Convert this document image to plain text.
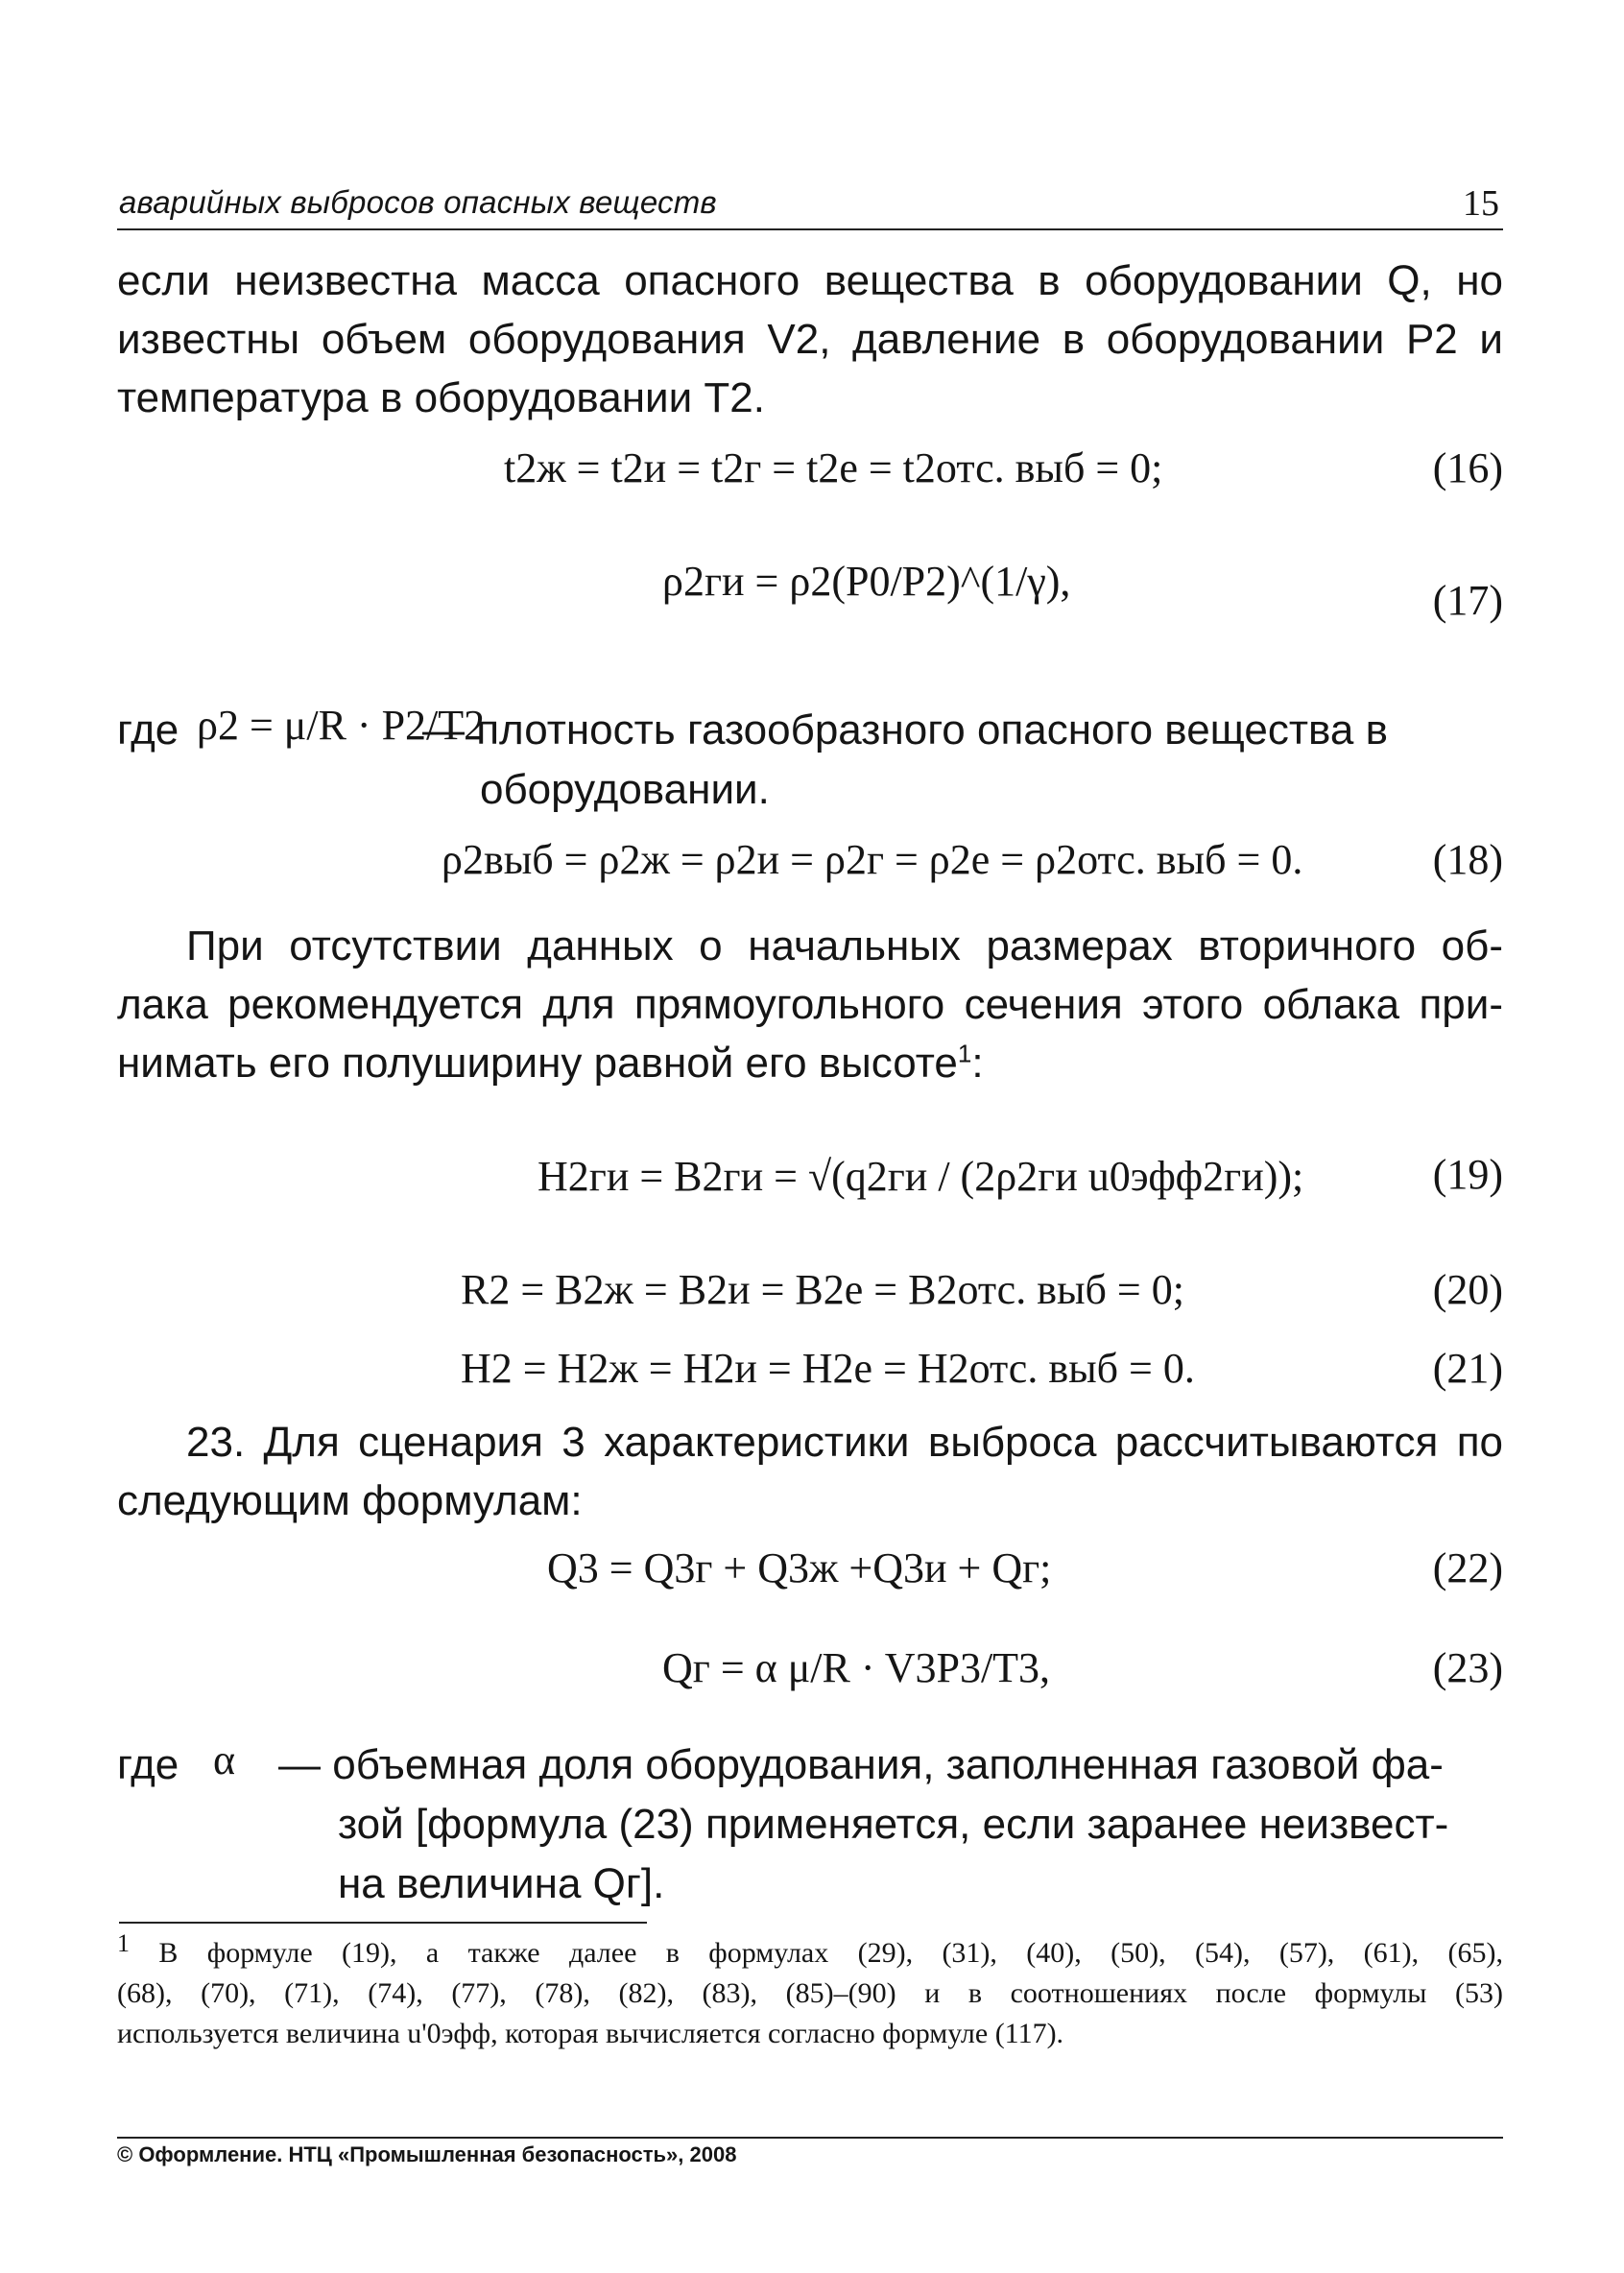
аварийных выбросов опасных веществ	15
если неизвестна масса опасного вещества в оборудовании Q, но
известны объем оборудования V2, давление в оборудовании P2 и
температура в оборудовании T2.
t2ж = t2и = t2г = t2е = t2отс. выб = 0;	(16)
ρ2ги = ρ2(P0/P2)^(1/γ),	(17)
где ρ2 = μ/R · P2/T2
— плотность газообразного опасного вещества в
оборудовании.
ρ2выб = ρ2ж = ρ2и = ρ2г = ρ2е = ρ2отс. выб = 0.	(18)
При отсутствии данных о начальных размерах вторичного об-
лака рекомендуется для прямоугольного сечения этого облака при-
нимать его полуширину равной его высоте$^1$:
H2ги = B2ги = √(q2ги / (2ρ2ги u0эфф2ги));	(19)
R2 = B2ж = B2и = B2е = B2отс. выб = 0;	(20)
H2 = H2ж = H2и = H2е = H2отс. выб = 0.	(21)
23. Для сценария 3 характеристики выброса рассчитываются по
следующим формулам:
Q3 = Q3г + Q3ж +Q3и + Qг;	(22)
Qг = α μ/R · V3P3/T3,	(23)
где α — объемная доля оборудования, заполненная газовой фа-
зой [формула (23) применяется, если заранее неизвест-
на величина Qг].
1 В формуле (19), а также далее в формулах (29), (31), (40), (50), (54), (57), (61), (65),
(68), (70), (71), (74), (77), (78), (82), (83), (85)–(90) и в соотношениях после формулы (53)
используется величина u'0эфф, которая вычисляется согласно формуле (117).
© Оформление. НТЦ «Промышленная безопасность», 2008
